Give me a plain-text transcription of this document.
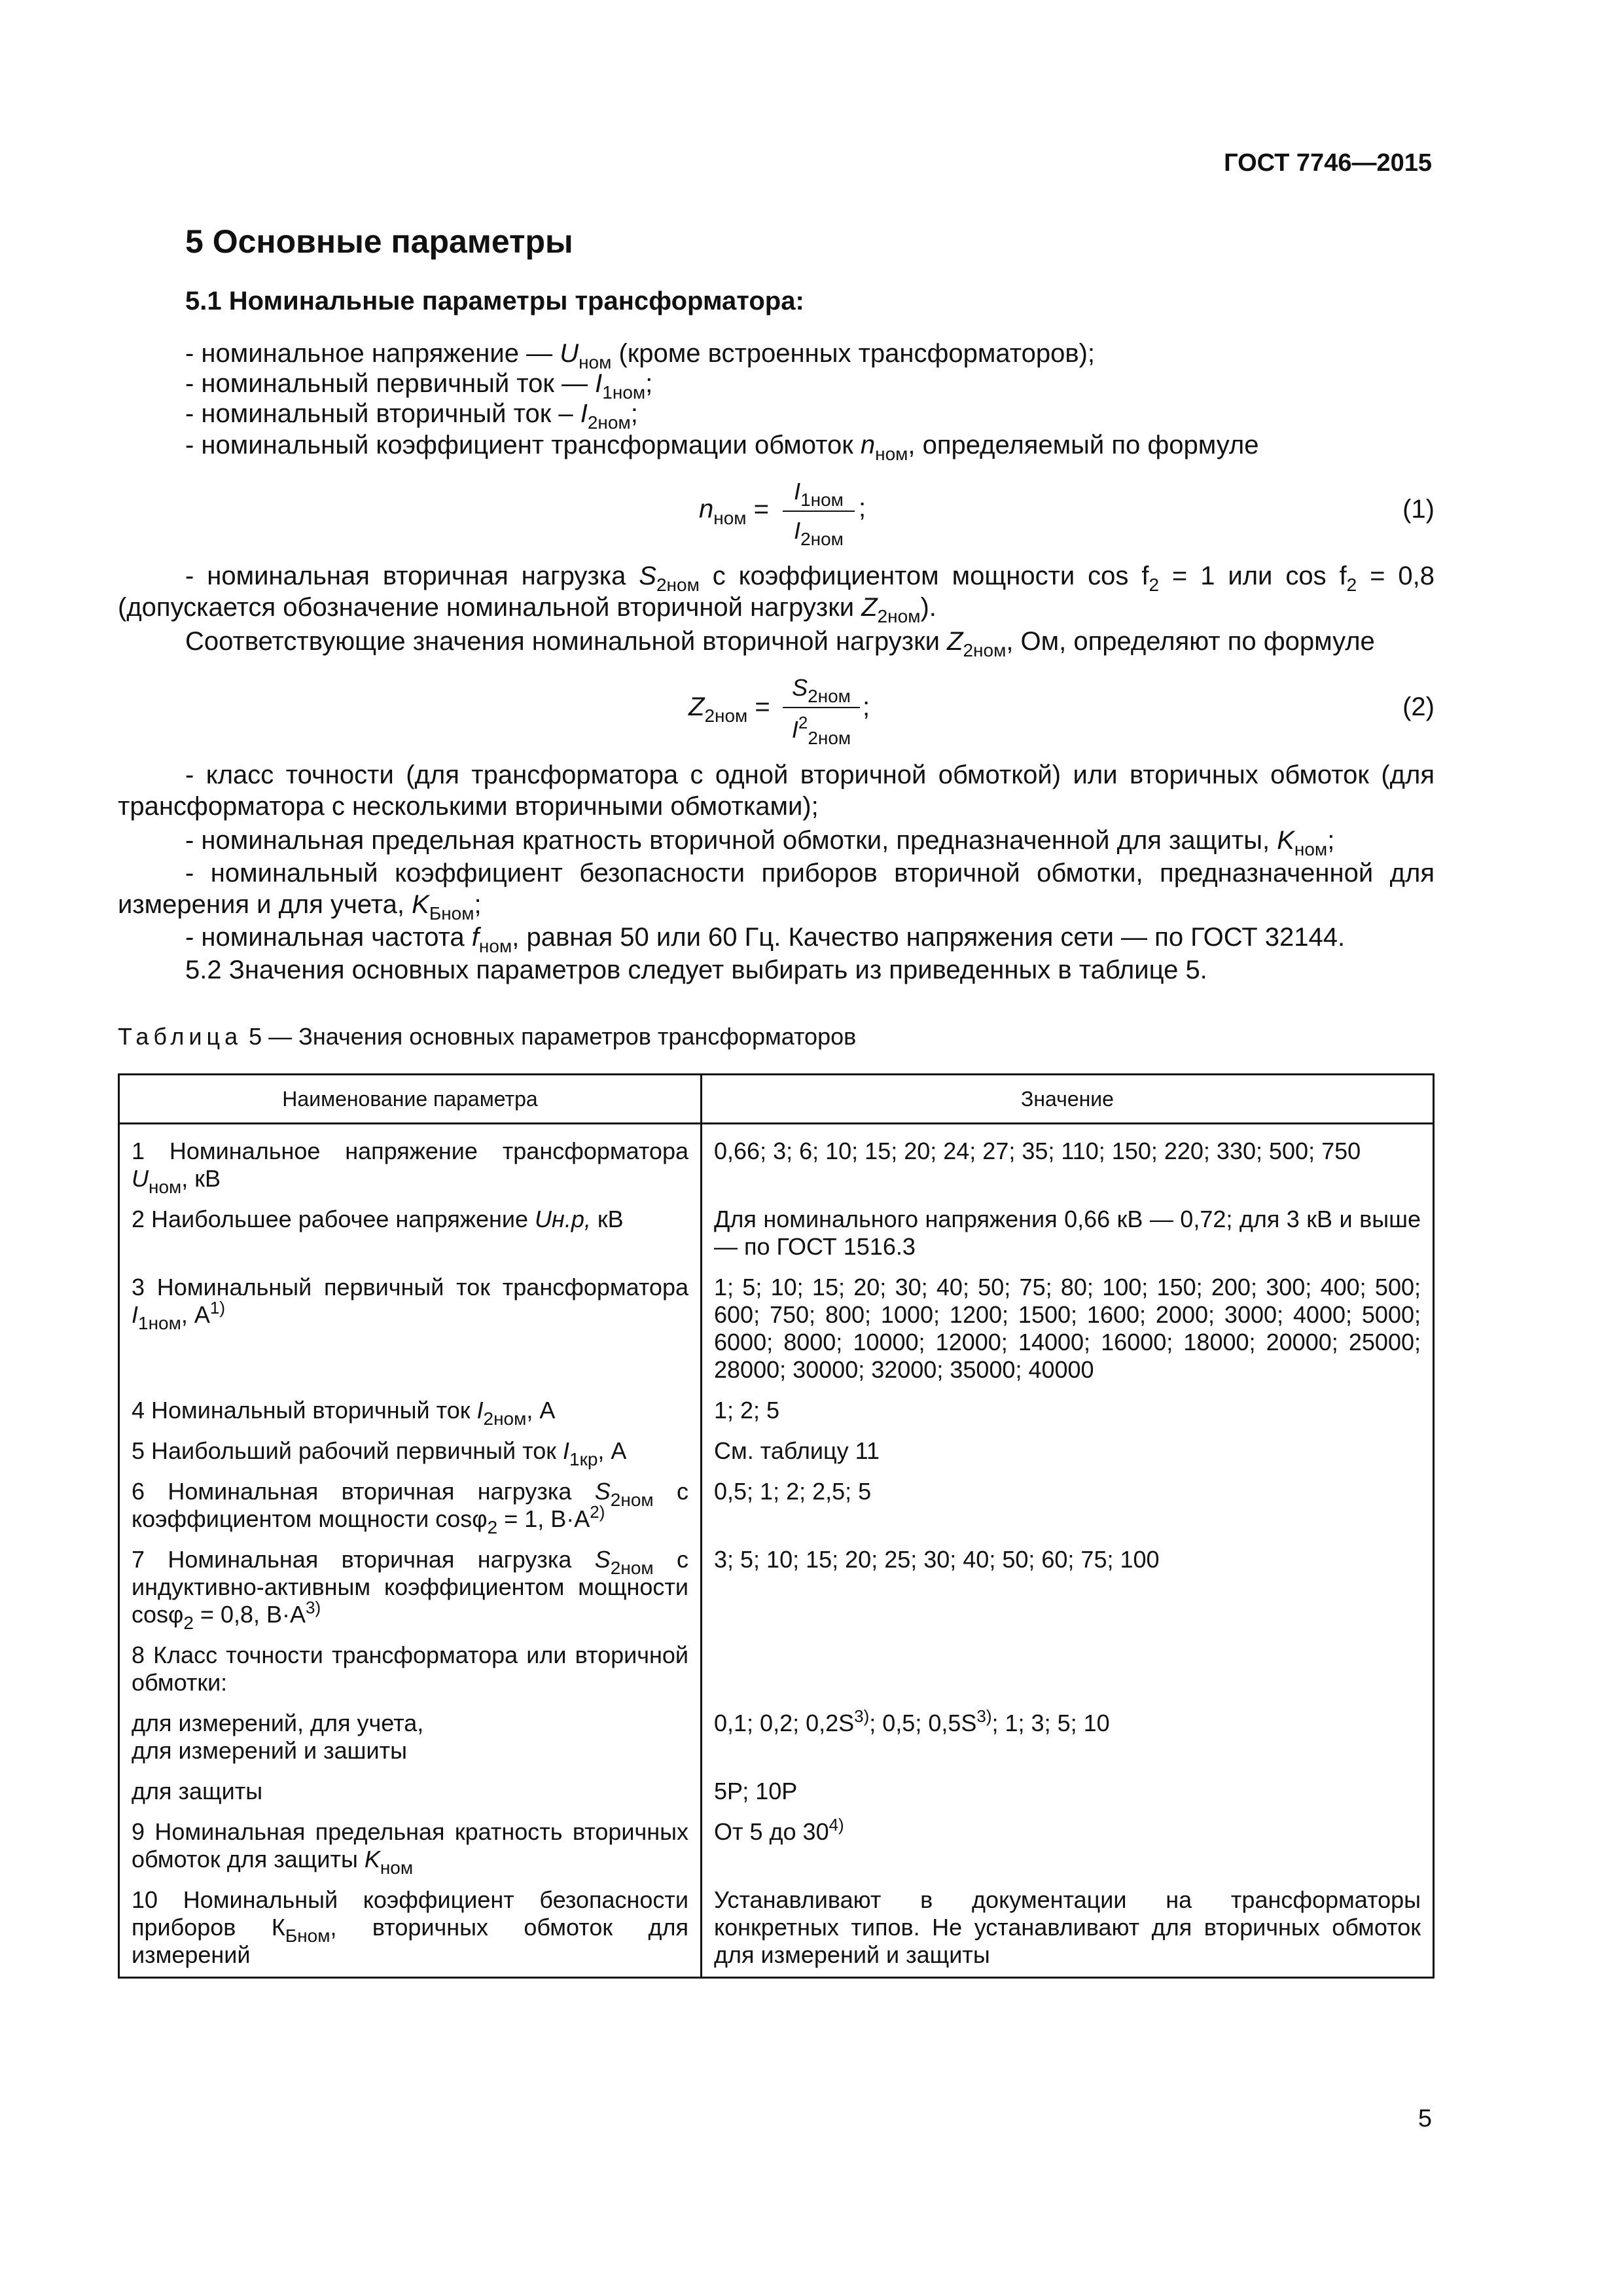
ГОСТ 7746—2015
5 Основные параметры
5.1 Номинальные параметры трансформатора:
- номинальное напряжение — $U_{ном}$ (кроме встроенных трансформаторов);
- номинальный первичный ток — $I_{1ном}$;
- номинальный вторичный ток – $I_{2ном}$;
- номинальный коэффициент трансформации обмоток $n_{ном}$, определяемый по формуле
$n_{ном}$ =
$I_{1ном}$
$I_{2ном}$
;	(1)
- номинальная вторичная нагрузка $S_{2ном}$ с коэффициентом мощности $\cos f_2 = 1$ или $\cos f_2 = 0,8$ (допускается обозначение номинальной вторичной нагрузки $Z_{2ном}$).
Соответствующие значения номинальной вторичной нагрузки $Z_{2ном}$, Ом, определяют по формуле
$Z_{2ном}$ =
$S_{2ном}$
$I^2_{2ном}$
;	(2)
- класс точности (для трансформатора с одной вторичной обмоткой) или вторичных обмоток (для трансформатора с несколькими вторичными обмотками);
- номинальная предельная кратность вторичной обмотки, предназначенной для защиты, $K_{ном}$;
- номинальный коэффициент безопасности приборов вторичной обмотки, предназначенной для измерения и для учета, $K_{Бном}$;
- номинальная частота $f_{ном}$, равная 50 или 60 Гц. Качество напряжения сети — по ГОСТ 32144.
5.2 Значения основных параметров следует выбирать из приведенных в таблице 5.
Таблица 5 — Значения основных параметров трансформаторов
Наименование параметра	Значение
1 Номинальное напряжение трансформатора $U_{ном}$, кВ	0,66; 3; 6; 10; 15; 20; 24; 27; 35; 110; 150; 220; 330; 500; 750
2 Наибольшее рабочее напряжение Uн.р, кВ	Для номинального напряжения 0,66 кВ — 0,72; для 3 кВ и выше — по ГОСТ 1516.3
3 Номинальный первичный ток трансформатора $I_{1ном}$, $А^{1)}$	1; 5; 10; 15; 20; 30; 40; 50; 75; 80; 100; 150; 200; 300; 400; 500; 600; 750; 800; 1000; 1200; 1500; 1600; 2000; 3000; 4000; 5000; 6000; 8000; 10000; 12000; 14000; 16000; 18000; 20000; 25000; 28000; 30000; 32000; 35000; 40000
4 Номинальный вторичный ток $I_{2ном}$, А	1; 2; 5
5 Наибольший рабочий первичный ток $I_{1кр}$, А	См. таблицу 11
6 Номинальная вторичная нагрузка $S_{2ном}$ с коэффициентом мощности cosφ$_2$ = 1, $В\cdot А^{2)}$	0,5; 1; 2; 2,5; 5
7 Номинальная вторичная нагрузка $S_{2ном}$ с индуктивно-активным коэффициентом мощности cosφ$_2$ = 0,8, $В\cdot А^{3)}$	3; 5; 10; 15; 20; 25; 30; 40; 50; 60; 75; 100
8 Класс точности трансформатора или вторичной обмотки:	

для измерений, для учета,
для измерений и зашиты	0,1; 0,2; $0,2S^{3)}$; 0,5; $0,5S^{3)}$; 1; 3; 5; 10
для защиты	5Р; 10Р
9 Номинальная предельная кратность вторичных обмоток для защиты $K_{ном}$	От 5 до 30$^{4)}$
10 Номинальный коэффициент безопасности приборов $К_{Бном}$, вторичных обмоток для измерений	Устанавливают в документации на трансформаторы конкретных типов. Не устанавливают для вторичных обмоток для измерений и защиты
5
